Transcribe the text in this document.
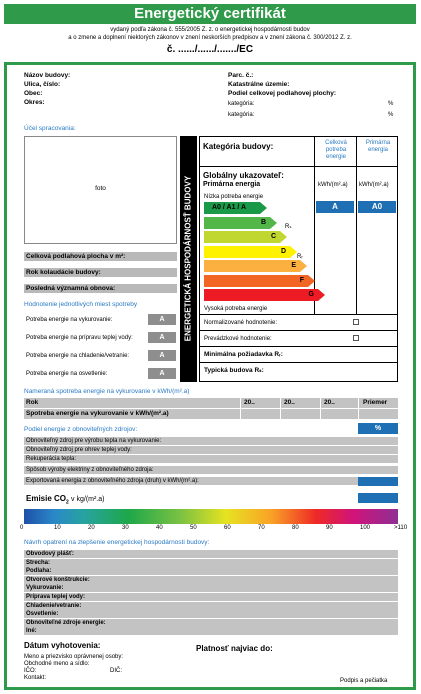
Energetický certifikát
vydaný podľa zákona č. 555/2005 Z. z. o energetickej hospodárnosti budov
a o zmene a doplnení niektorých zákonov v znení neskorších predpisov a v znení zákona č. 300/2012 Z. z.
č. ....../....../......./EC
Názov budovy:
Ulica, číslo:
Obec:
Okres:
Parc. č.:
Katastrálne územie:
Podiel celkovej podlahovej plochy:
kategória:	%
kategória:	%
Účel spracovania:
foto
Celková podlahová plocha v m²:
Rok kolaudácie budovy:
Posledná významná obnova:
Hodnotenie jednotlivých miest spotreby
Potreba energie na vykurovanie:	A
Potreba energie na prípravu teplej vody:	A
Potreba energie na chladenie/vetranie:	A
Potreba energie na osvetlenie:	A
ENERGETICKÁ HOSPODÁRNOSŤ BUDOVY
Kategória budovy:	Celková potreba energie
Primárna energia
Globálny ukazovateľ:
Primárna energia	kWh/(m².a) kWh/(m².a)
Nízka potreba energie
A	A0
A0 / A1 / A
B
C
D
E
F
G
Rₛ
Rᵣ
Vysoká potreba energie
Normalizované hodnotenie:
Prevádzkové hodnotenie:
Minimálna požiadavka Rᵣ:
Typická budova Rₛ:
Nameraná spotreba energie na vykurovanie v kWh/(m².a)
Rok	20..	20..	20..	Priemer
Spotreba energie na vykurovanie v kWh/(m².a)
Podiel energie z obnoviteľných zdrojov:	%
Obnoviteľný zdroj pre výrobu tepla na vykurovanie:
Obnoviteľný zdroj pre ohrev teplej vody:
Rekuperácia tepla:
Spôsob výroby elektriny z obnoviteľného zdroja:
Exportovaná energia z obnoviteľného zdroja (druh) v kWh/(m².a):
Emisie $CO_2$ v kg/(m².a)
0	10	20	30	40	50	60	70	80	90	100	>110
Návrh opatrení na zlepšenie energetickej hospodárnosti budovy:
Obvodový plášť:
Strecha:
Podlaha:
Otvorové konštrukcie:
Vykurovanie:
Príprava teplej vody:
Chladenie/vetranie:
Osvetlenie:
Obnoviteľné zdroje energie:
Iné:
Dátum vyhotovenia:	Platnosť najviac do:
Meno a priezvisko oprávnenej osoby:
Obchodné meno a sídlo:
IČO:	DIČ:
Kontakt:	Podpis a pečiatka
